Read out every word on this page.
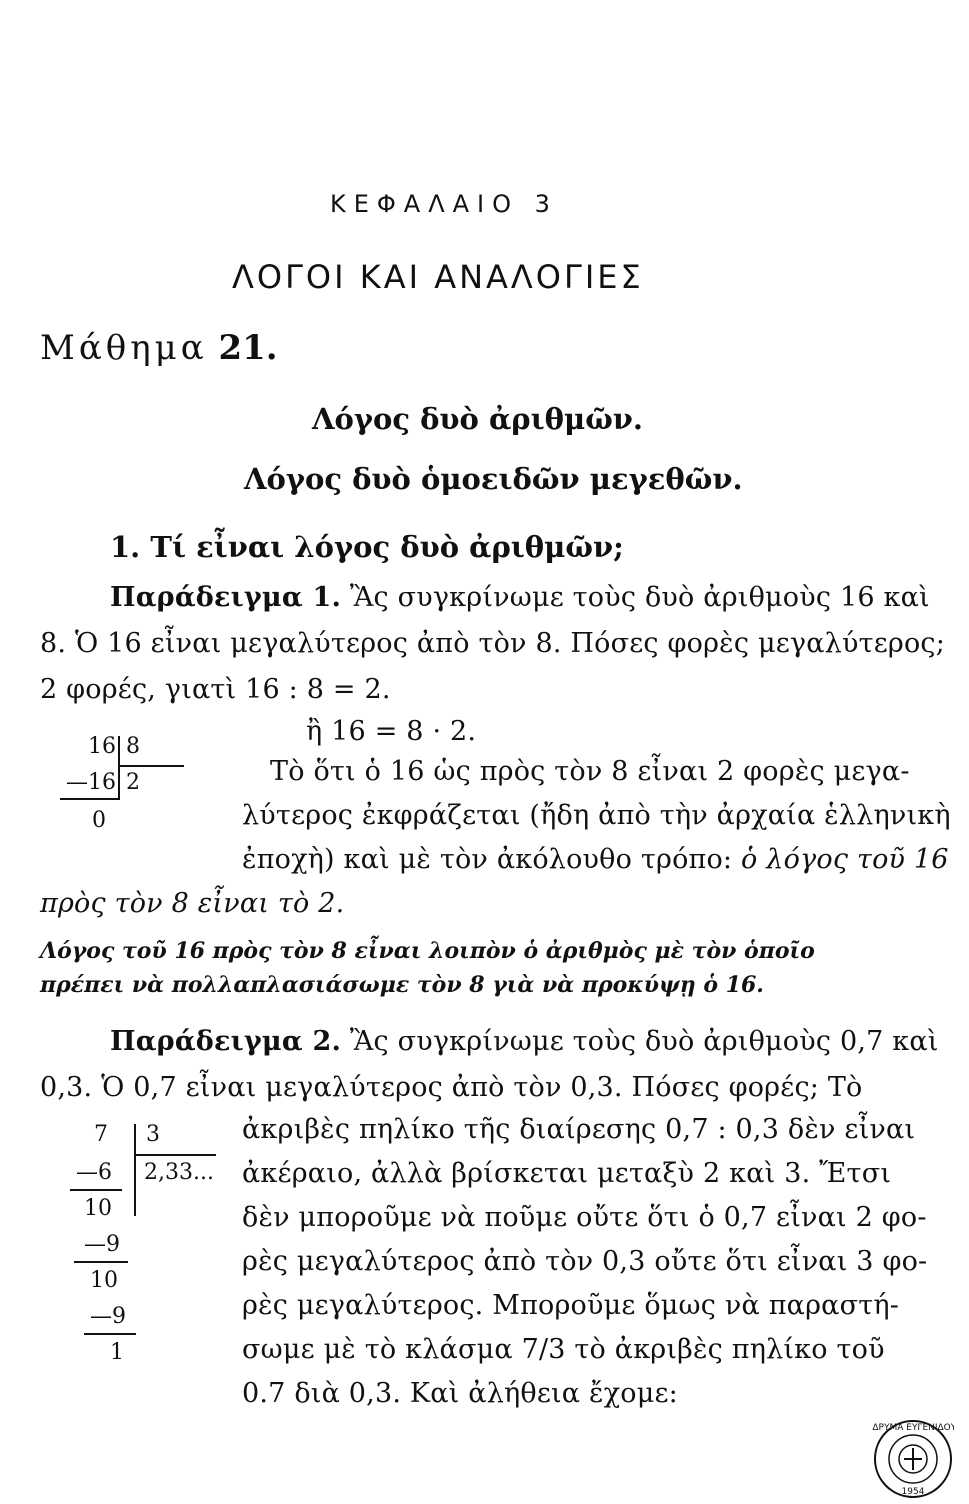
ΚΕΦΑΛΑΙΟ 3
ΛΟΓΟΙ ΚΑΙ ΑΝΑΛΟΓΙΕΣ
Μάθημα 21.
Λόγος δυὸ ἀριθμῶν.
Λόγος δυὸ ὁμοειδῶν μεγεθῶν.
1. Τί εἶναι λόγος δυὸ ἀριθμῶν;
Παράδειγμα 1. Ἂς συγκρίνωμε τοὺς δυὸ ἀριθμοὺς 16 καὶ
8. Ὁ 16 εἶναι μεγαλύτερος ἀπὸ τὸν 8. Πόσες φορὲς μεγαλύτερος;
2 φορές, γιατὶ 16 : 8 = 2.
ἢ 16 = 8 · 2.
16 8
—16 2
0
Τὸ ὅτι ὁ 16 ὡς πρὸς τὸν 8 εἶναι 2 φορὲς μεγα-
λύτερος ἐκφράζεται (ἤδη ἀπὸ τὴν ἀρχαία ἑλληνικὴ
ἐποχὴ) καὶ μὲ τὸν ἀκόλουθο τρόπο: ὁ λόγος τοῦ 16
πρὸς τὸν 8 εἶναι τὸ 2.
Λόγος τοῦ 16 πρὸς τὸν 8 εἶναι λοιπὸν ὁ ἀριθμὸς μὲ τὸν ὁποῖο
πρέπει νὰ πολλαπλασιάσωμε τὸν 8 γιὰ νὰ προκύψῃ ὁ 16.
Παράδειγμα 2. Ἂς συγκρίνωμε τοὺς δυὸ ἀριθμοὺς 0,7 καὶ
0,3. Ὁ 0,7 εἶναι μεγαλύτερος ἀπὸ τὸν 0,3. Πόσες φορές; Τὸ
ἀκριβὲς πηλίκο τῆς διαίρεσης 0,7 : 0,3 δὲν εἶναι
ἀκέραιο, ἀλλὰ βρίσκεται μεταξὺ 2 καὶ 3. Ἔτσι
δὲν μποροῦμε νὰ ποῦμε οὔτε ὅτι ὁ 0,7 εἶναι 2 φο-
ρὲς μεγαλύτερος ἀπὸ τὸν 0,3 οὔτε ὅτι εἶναι 3 φο-
ρὲς μεγαλύτερος. Μποροῦμε ὅμως νὰ παραστή-
σωμε μὲ τὸ κλάσμα 7/3 τὸ ἀκριβὲς πηλίκο τοῦ
0.7 διὰ 0,3. Καὶ ἀλήθεια ἔχομε:
7 3
2,33...
—6
10
—9
10
—9
1
ΙΔΡΥΜΑ ΕΥΓΕΝΙΔΟΥ
1954
